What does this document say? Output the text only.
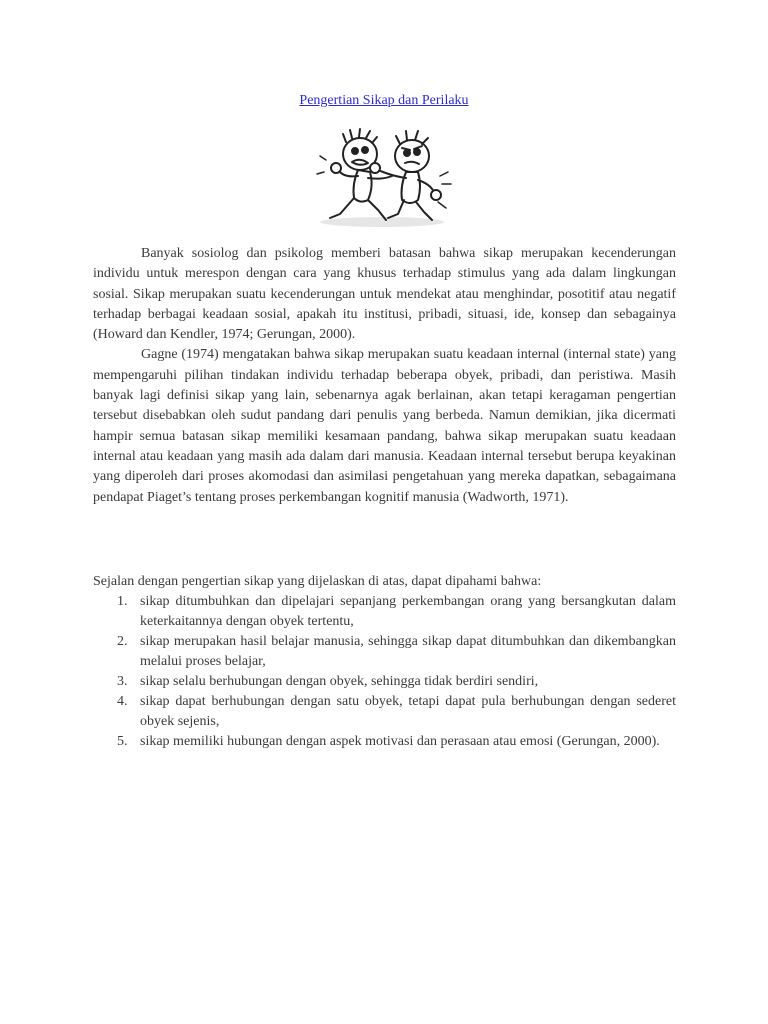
Pengertian Sikap dan Perilaku

Banyak sosiolog dan psikolog memberi batasan bahwa sikap merupakan kecenderungan individu untuk merespon dengan cara yang khusus terhadap stimulus yang ada dalam lingkungan sosial. Sikap merupakan suatu kecenderungan untuk mendekat atau menghindar, posotitif atau negatif terhadap berbagai keadaan sosial, apakah itu institusi, pribadi, situasi, ide, konsep dan sebagainya (Howard dan Kendler, 1974; Gerungan, 2000).

Gagne (1974) mengatakan bahwa sikap merupakan suatu keadaan internal (internal state) yang mempengaruhi pilihan tindakan individu terhadap beberapa obyek, pribadi, dan peristiwa. Masih banyak lagi definisi sikap yang lain, sebenarnya agak berlainan, akan tetapi keragaman pengertian tersebut disebabkan oleh sudut pandang dari penulis yang berbeda. Namun demikian, jika dicermati hampir semua batasan sikap memiliki kesamaan pandang, bahwa sikap merupakan suatu keadaan internal atau keadaan yang masih ada dalam dari manusia. Keadaan internal tersebut berupa keyakinan yang diperoleh dari proses akomodasi dan asimilasi pengetahuan yang mereka dapatkan, sebagaimana pendapat Piaget’s tentang proses perkembangan kognitif manusia (Wadworth, 1971).

Sejalan dengan pengertian sikap yang dijelaskan di atas, dapat dipahami bahwa:
1. sikap ditumbuhkan dan dipelajari sepanjang perkembangan orang yang bersangkutan dalam keterkaitannya dengan obyek tertentu,
2. sikap merupakan hasil belajar manusia, sehingga sikap dapat ditumbuhkan dan dikembangkan melalui proses belajar,
3. sikap selalu berhubungan dengan obyek, sehingga tidak berdiri sendiri,
4. sikap dapat berhubungan dengan satu obyek, tetapi dapat pula berhubungan dengan sederet obyek sejenis,
5. sikap memiliki hubungan dengan aspek motivasi dan perasaan atau emosi (Gerungan, 2000).
